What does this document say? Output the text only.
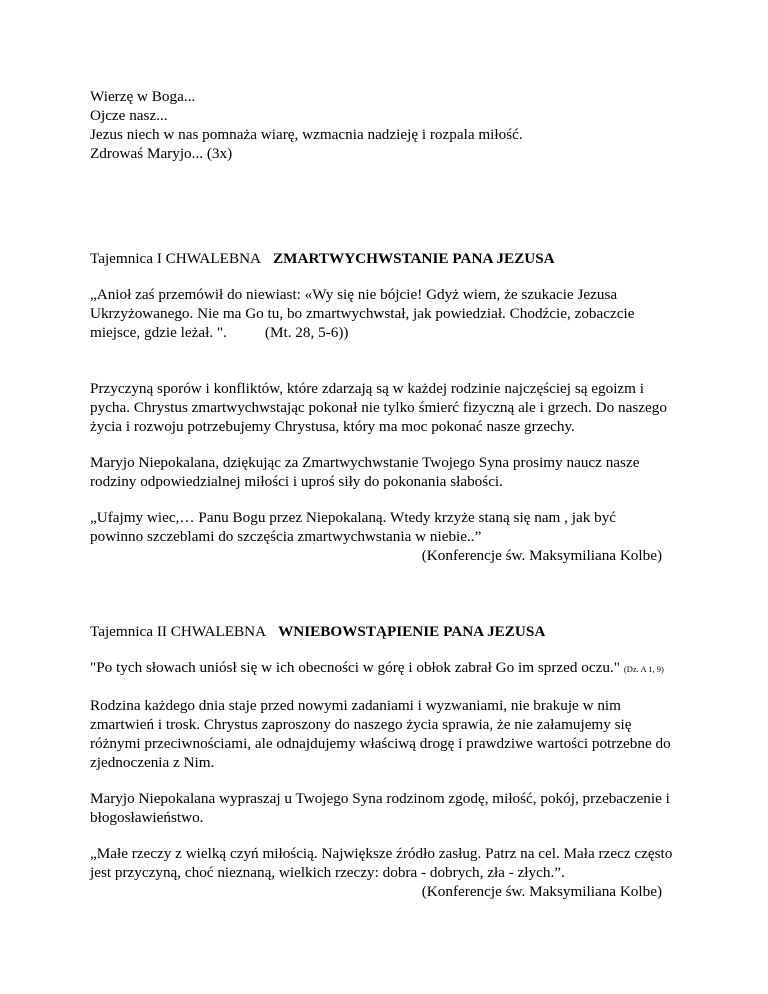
Wierzę w Boga...
Ojcze nasz...
Jezus niech w nas pomnaża wiarę, wzmacnia nadzieję i rozpala miłość.
Zdrowaś Maryjo... (3x)

Tajemnica I CHWALEBNA ZMARTWYCHWSTANIE PANA JEZUSA

„Anioł zaś przemówił do niewiast: «Wy się nie bójcie! Gdyż wiem, że szukacie Jezusa
Ukrzyżowanego. Nie ma Go tu, bo zmartwychwstał, jak powiedział. Chodźcie, zobaczcie
miejsce, gdzie leżał. ".	(Mt. 28, 5-6))

Przyczyną sporów i konfliktów, które zdarzają są w każdej rodzinie najczęściej są egoizm i
pycha. Chrystus zmartwychwstając pokonał nie tylko śmierć fizyczną ale i grzech. Do naszego
życia i rozwoju potrzebujemy Chrystusa, który ma moc pokonać nasze grzechy.

Maryjo Niepokalana, dziękując za Zmartwychwstanie Twojego Syna prosimy naucz nasze
rodziny odpowiedzialnej miłości i uproś siły do pokonania słabości.

„Ufajmy wiec,… Panu Bogu przez Niepokalaną. Wtedy krzyże staną się nam , jak być
powinno szczeblami do szczęścia zmartwychwstania w niebie..”
(Konferencje św. Maksymiliana Kolbe)

Tajemnica II CHWALEBNA WNIEBOWSTĄPIENIE PANA JEZUSA

"Po tych słowach uniósł się w ich obecności w górę i obłok zabrał Go im sprzed oczu." (Dz. A 1, 9)

Rodzina każdego dnia staje przed nowymi zadaniami i wyzwaniami, nie brakuje w nim
zmartwień i trosk. Chrystus zaproszony do naszego życia sprawia, że nie załamujemy się
różnymi przeciwnościami, ale odnajdujemy właściwą drogę i prawdziwe wartości potrzebne do
zjednoczenia z Nim.

Maryjo Niepokalana wypraszaj u Twojego Syna rodzinom zgodę, miłość, pokój, przebaczenie i
błogosławieństwo.

„Małe rzeczy z wielką czyń miłością. Największe źródło zasług. Patrz na cel. Mała rzecz często
jest przyczyną, choć nieznaną, wielkich rzeczy: dobra - dobrych, zła - złych.”.
(Konferencje św. Maksymiliana Kolbe)
